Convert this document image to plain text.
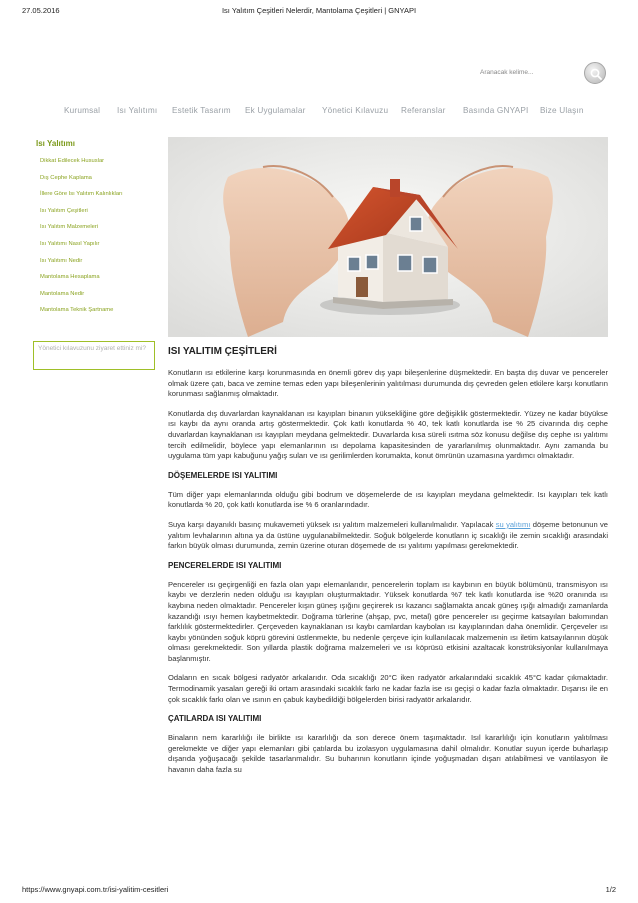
27.05.2016	Isı Yalıtım Çeşitleri Nelerdir, Mantolama Çeşitleri | GNYAPI
Aranacak kelime...
Kurumsal Isı Yalıtımı Estetik Tasarım Ek Uygulamalar Yönetici Kılavuzu Referanslar Basında GNYAPI Bize Ulaşın
Isı Yalıtımı
Dikkat Edilecek Hususlar
Dış Cephe Kaplama
İllere Göre Isı Yalıtım Kalınlıkları
Isı Yalıtım Çeşitleri
Isı Yalıtım Malzemeleri
Isı Yalıtımı Nasıl Yapılır
Isı Yalıtımı Nedir
Mantolama Hesaplama
Mantolama Nedir
Mantolama Teknik Şartname
Yönetici kılavuzunu ziyaret ettiniz mi?	ISI YALITIM ÇEŞİTLERİ

Konutların ısı etkilerine karşı korunmasında en önemli görev dış yapı bileşenlerine düşmektedir. En başta dış duvar ve pencereler olmak üzere çatı, baca ve zemine temas eden yapı bileşenlerinin yalıtılması durumunda dış çevreden gelen etkilere karşı konutların korunması sağlanmış olmaktadır.

Konutlarda dış duvarlardan kaynaklanan ısı kayıpları binanın yüksekliğine göre değişiklik göstermektedir. Yüzey ne kadar büyükse ısı kaybı da aynı oranda artış göstermektedir. Çok katlı konutlarda % 40, tek katlı konutlarda ise % 25 civarında dış cephe duvarlardan kaynaklanan ısı kayıpları meydana gelmektedir. Duvarlarda kısa süreli ısıtma söz konusu değilse dış cephe ısı yalıtımı tercih edilmelidir, böylece yapı elemanlarının ısı depolama kapasitesinden de yararlanılmış olunmaktadır. Aynı zamanda bu uygulama tüm yapı kabuğunu yağış suları ve ısı gerilimlerden korumakta, konut ömrünün uzamasına yardımcı olmaktadır.

DÖŞEMELERDE ISI YALITIMI

Tüm diğer yapı elemanlarında olduğu gibi bodrum ve döşemelerde de ısı kayıpları meydana gelmektedir. Isı kayıpları tek katlı konutlarda % 20, çok katlı konutlarda ise % 6 oranlarındadır.

Suya karşı dayanıklı basınç mukavemeti yüksek ısı yalıtım malzemeleri kullanılmalıdır. Yapılacak su yalıtımı döşeme betonunun ve yalıtım levhalarının altına ya da üstüne uygulanabilmektedir. Soğuk bölgelerde konutların iç sıcaklığı ile zemin sıcaklığı arasındaki farkın büyük olması durumunda, zemin üzerine oturan döşemede de ısı yalıtımı yapılması gerekmektedir.

PENCERELERDE ISI YALITIMI

Pencereler ısı geçirgenliği en fazla olan yapı elemanlarıdır, pencerelerin toplam ısı kaybının en büyük bölümünü, transmisyon ısı kaybı ve derzlerin neden olduğu ısı kayıpları oluşturmaktadır. Yüksek konutlarda %7 tek katlı konutlarda ise %20 oranında ısı kaybına neden olmaktadır. Pencereler kışın güneş ışığını geçirerek ısı kazancı sağlamakta ancak güneş ışığı almadığı zamanlarda kazandığı ısıyı hemen kaybetmektedir. Doğrama türlerine (ahşap, pvc, metal) göre pencereler ısı geçirme katsayıları bakımından farklılık göstermektedirler. Çerçeveden kaynaklanan ısı kaybı camlardan kaybolan ısı kayıplarından daha önemlidir. Çerçeveler ısı kaybı yönünden soğuk köprü görevini üstlenmekte, bu nedenle çerçeve için kullanılacak malzemenin ısı iletim katsayılarının düşük olması gerekmektedir. Son yıllarda plastik doğrama malzemeleri ve ısı köprüsü etkisini azaltacak konstrüksiyonlar kullanılmaya başlanmıştır.

Odaların en sıcak bölgesi radyatör arkalarıdır. Oda sıcaklığı 20°C iken radyatör arkalarındaki sıcaklık 45°C kadar çıkmaktadır. Termodinamik yasaları gereği iki ortam arasındaki sıcaklık farkı ne kadar fazla ise ısı geçişi o kadar fazla olmaktadır. Dışarısı ile en çok sıcaklık farkı olan ve ısının en çabuk kaybedildiği bölgelerden birisi radyatör arkalarıdır.

ÇATILARDA ISI YALITIMI

Binaların nem kararlılığı ile birlikte ısı kararlılığı da son derece önem taşımaktadır. Isıl kararlılığı için konutların yalıtılması gerekmekte ve diğer yapı elemanları gibi çatılarda bu izolasyon uygulamasına dahil olmalıdır. Konutlar suyun içerde buharlaşıp dışarıda yoğuşacağı şekilde tasarlanmalıdır. Su buharının konutların içinde yoğuşmadan dışarı atılabilmesi ve vantilasyon ile havanın daha fazla su

https://www.gnyapi.com.tr/isi-yalitim-cesitleri	1/2
